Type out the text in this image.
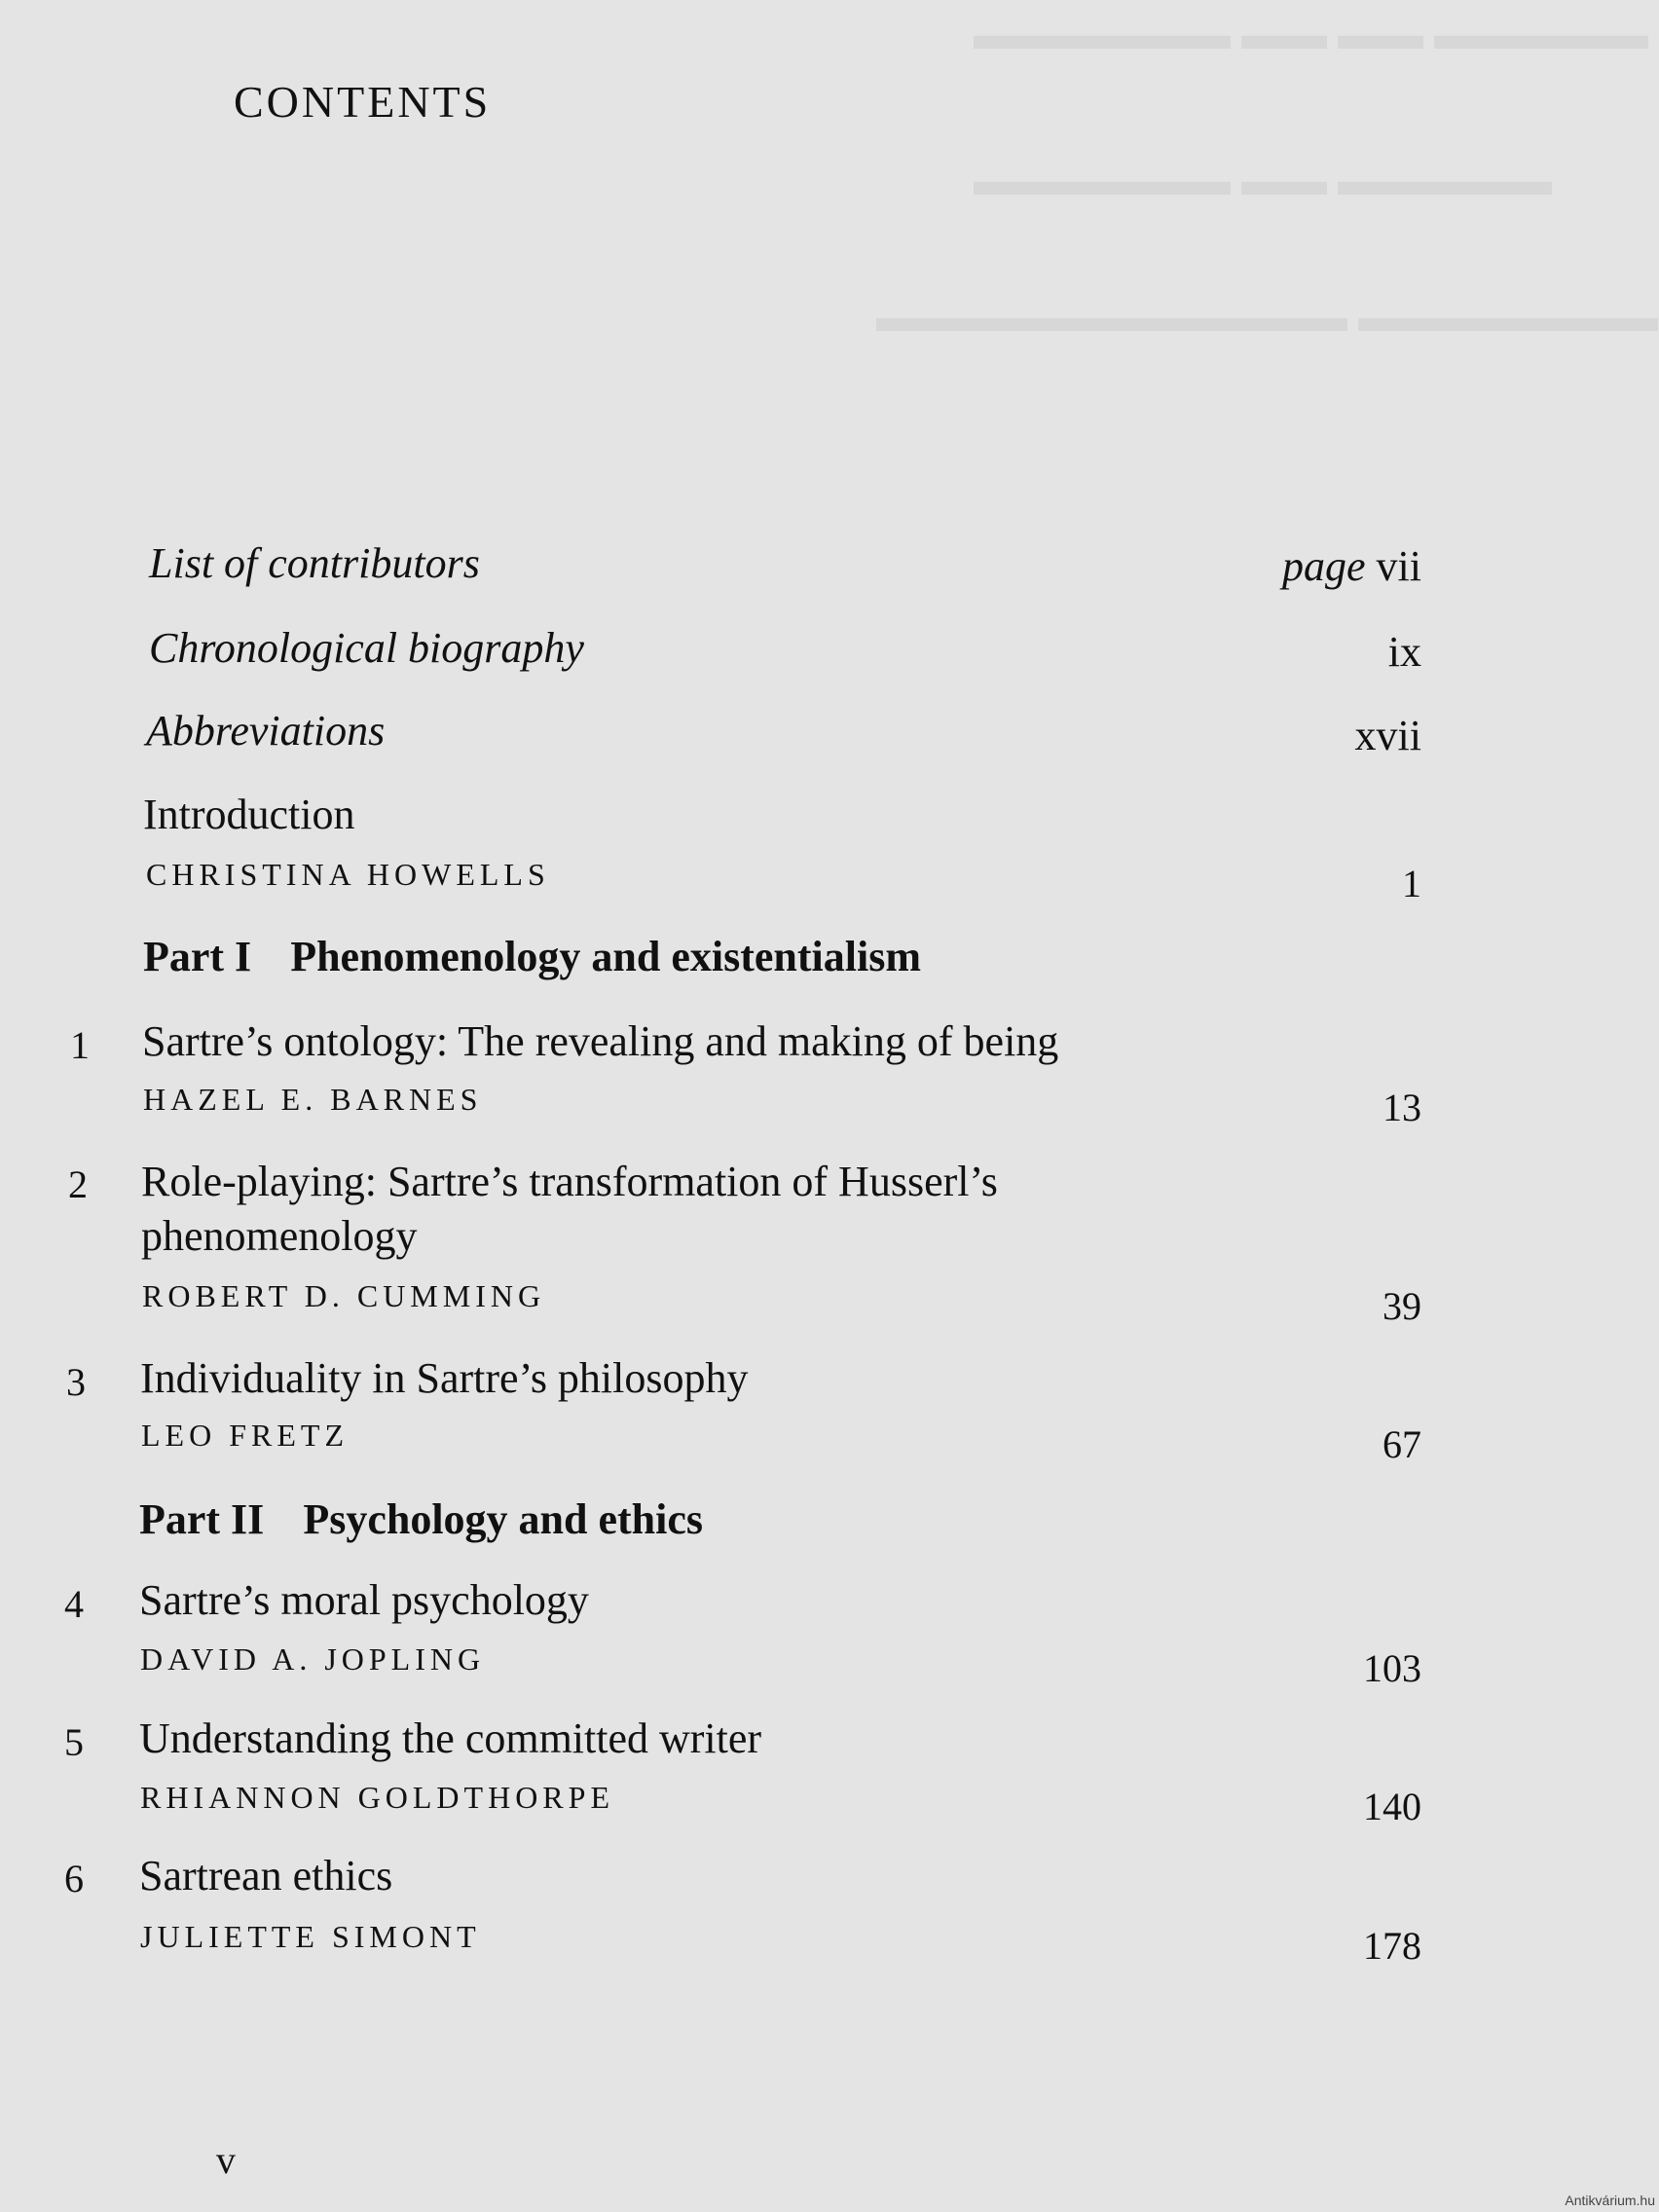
▬▬▬▬▬ ▬▬ ▬▬ ▬▬▬▬▬▬
▬▬▬▬▬ ▬▬ ▬▬▬▬▬▬
▬▬▬▬▬▬▬ ▬▬▬▬▬▬▬▬▬▬▬
CONTENTS
List of contributors	page vii
Chronological biography	ix
Abbreviations	xvii
Introduction
CHRISTINA HOWELLS	1
Part I Phenomenology and existentialism
1 Sartre’s ontology: The revealing and making of being
HAZEL E. BARNES	13
2 Role-playing: Sartre’s transformation of Husserl’s
phenomenology
ROBERT D. CUMMING	39
3 Individuality in Sartre’s philosophy
LEO FRETZ	67
Part II Psychology and ethics
4 Sartre’s moral psychology
DAVID A. JOPLING	103
5 Understanding the committed writer
RHIANNON GOLDTHORPE	140
6 Sartrean ethics
JULIETTE SIMONT	178
v
Antikvárium.hu
